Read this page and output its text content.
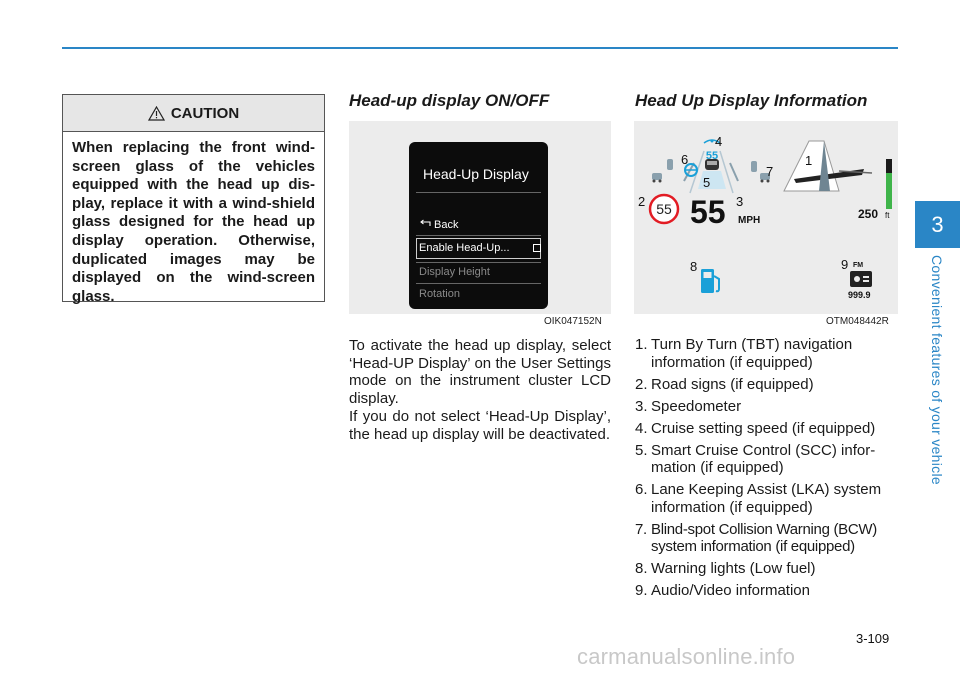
CAUTION
When replacing the front wind-screen glass of the vehicles equipped with the head up dis-play, replace it with a wind-shield glass designed for the head up display operation. Otherwise, duplicated images may be displayed on the wind-screen glass.
Head-up display ON/OFF	Head Up Display Information
Head-Up Display
Back
Enable Head-Up...
Display Height
Rotation
OIK047152N
55 55 MPH
55
250 ft
FM
999.9
1
2	3
4
5
6
7
8	9
OTM048442R
To activate the head up display, select ‘Head-UP Display’ on the User Settings mode on the instrument cluster LCD display.
If you do not select ‘Head-Up Display’, the head up display will be deactivated.
1. Turn By Turn (TBT) navigation information (if equipped)
2. Road signs (if equipped)
3. Speedometer
4. Cruise setting speed (if equipped)
5. Smart Cruise Control (SCC) infor-mation (if equipped)
6. Lane Keeping Assist (LKA) system information (if equipped)
7. Blind-spot Collision Warning (BCW) system information (if equipped)
8. Warning lights (Low fuel)
9. Audio/Video information
3
Convenient features of your vehicle
3-109
carmanualsonline.info
